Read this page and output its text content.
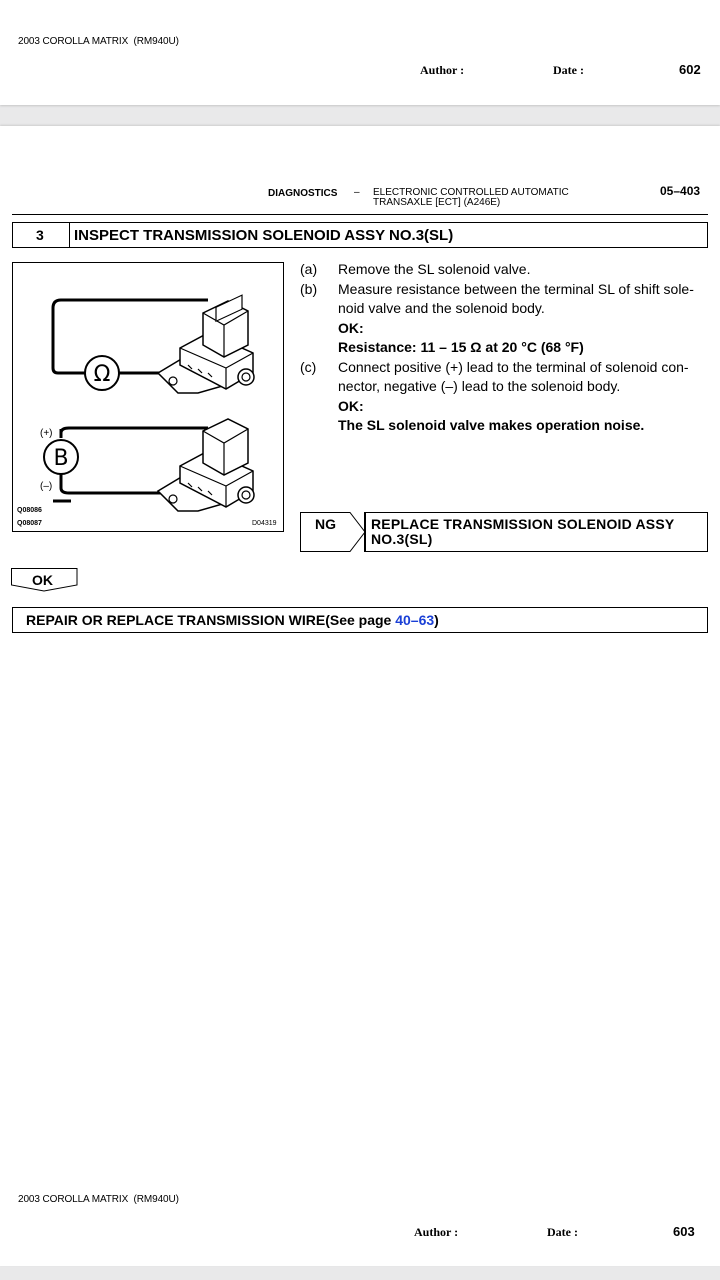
2003 COROLLA MATRIX (RM940U)
Author :	Date :	602
DIAGNOSTICS – ELECTRONIC CONTROLLED AUTOMATIC
TRANSAXLE [ECT] (A246E)
05–403
3 INSPECT TRANSMISSION SOLENOID ASSY NO.3(SL)
Ω
B
(+)
(–)
Q08086
Q08087	D04319
(a) Remove the SL solenoid valve.
(b) Measure resistance between the terminal SL of shift sole-
noid valve and the solenoid body.
OK:
Resistance: 11 – 15 Ω at 20 °C (68 °F)
(c) Connect positive (+) lead to the terminal of solenoid con-
nector, negative (–) lead to the solenoid body.
OK:
The SL solenoid valve makes operation noise.
NG	REPLACE TRANSMISSION SOLENOID ASSY
NO.3(SL)
OK
REPAIR OR REPLACE TRANSMISSION WIRE(See page 40–63)
2003 COROLLA MATRIX (RM940U)
Author :	Date :	603
